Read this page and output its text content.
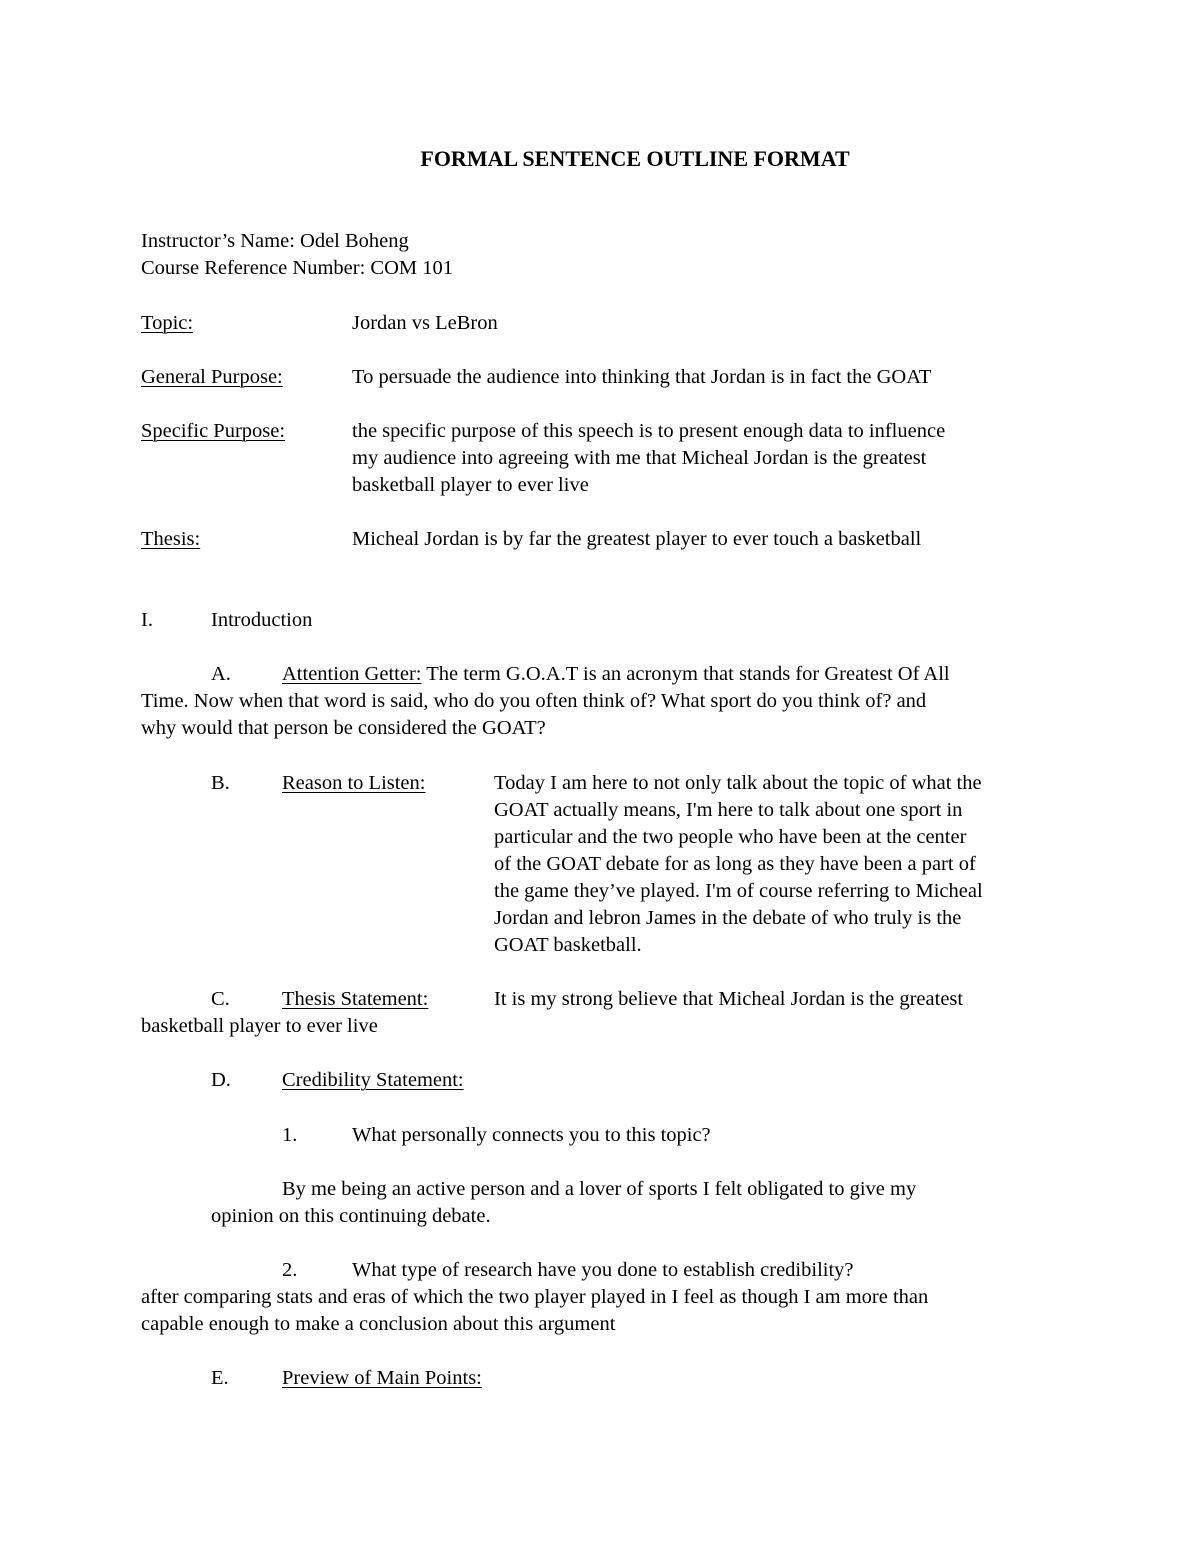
FORMAL SENTENCE OUTLINE FORMAT
Instructor’s Name: Odel Boheng
Course Reference Number: COM 101
Topic:	Jordan vs LeBron
General Purpose:	To persuade the audience into thinking that Jordan is in fact the GOAT
Specific Purpose:	the specific purpose of this speech is to present enough data to influence
my audience into agreeing with me that Micheal Jordan is the greatest
basketball player to ever live
Thesis:	Micheal Jordan is by far the greatest player to ever touch a basketball
I.	Introduction
A. Attention Getter: The term G.O.A.T is an acronym that stands for Greatest Of All
Time. Now when that word is said, who do you often think of? What sport do you think of? and
why would that person be considered the GOAT?
B.	Reason to Listen:	Today I am here to not only talk about the topic of what the
GOAT actually means, I'm here to talk about one sport in
particular and the two people who have been at the center
of the GOAT debate for as long as they have been a part of
the game they’ve played. I'm of course referring to Micheal
Jordan and lebron James in the debate of who truly is the
GOAT basketball.
C.	Thesis Statement:	It is my strong believe that Micheal Jordan is the greatest
basketball player to ever live
D. Credibility Statement:
1.	What personally connects you to this topic?
By me being an active person and a lover of sports I felt obligated to give my
opinion on this continuing debate.
2.	What type of research have you done to establish credibility?
after comparing stats and eras of which the two player played in I feel as though I am more than
capable enough to make a conclusion about this argument
E.	Preview of Main Points:
